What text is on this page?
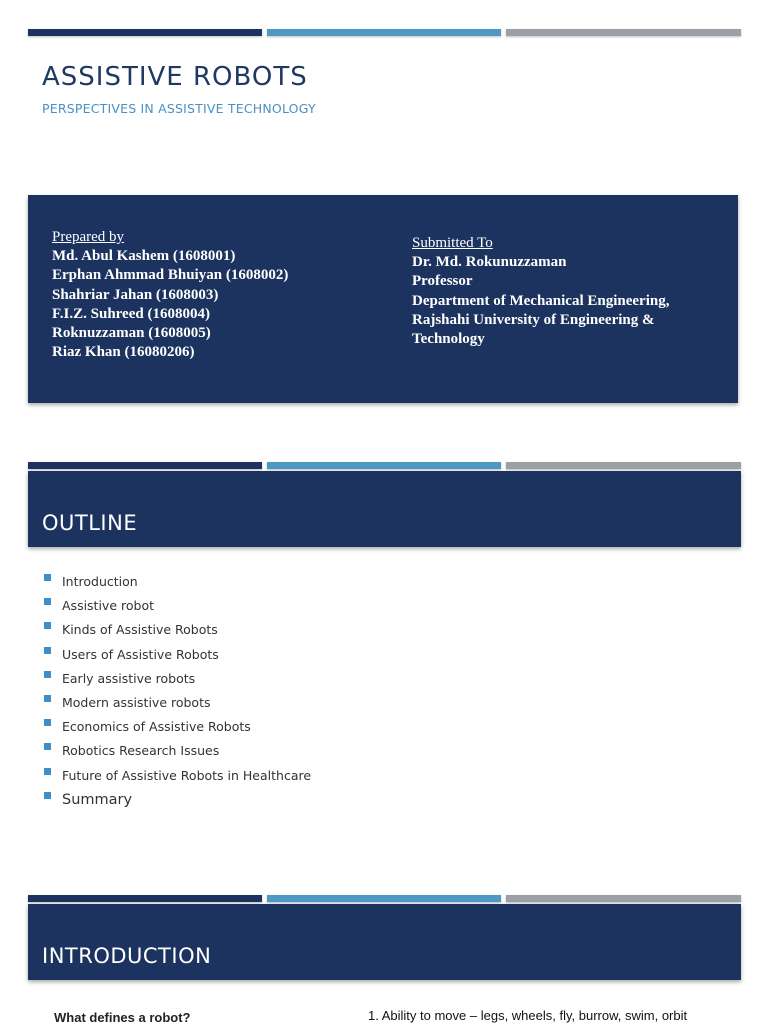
ASSISTIVE ROBOTS

PERSPECTIVES IN ASSISTIVE TECHNOLOGY

Prepared by
Md. Abul Kashem (1608001)
Erphan Ahmmad Bhuiyan (1608002)
Shahriar Jahan (1608003)
F.I.Z. Suhreed (1608004)
Roknuzzaman (1608005)
Riaz Khan (16080206)
Submitted To
Dr. Md. Rokunuzzaman
Professor
Department of Mechanical Engineering,
Rajshahi University of Engineering &
Technology
OUTLINE
Introduction
Assistive robot
Kinds of Assistive Robots
Users of Assistive Robots
Early assistive robots
Modern assistive robots
Economics of Assistive Robots
Robotics Research Issues
Future of Assistive Robots in Healthcare
Summary
INTRODUCTION

What defines a robot?	1. Ability to move – legs, wheels, fly, burrow, swim, orbit
